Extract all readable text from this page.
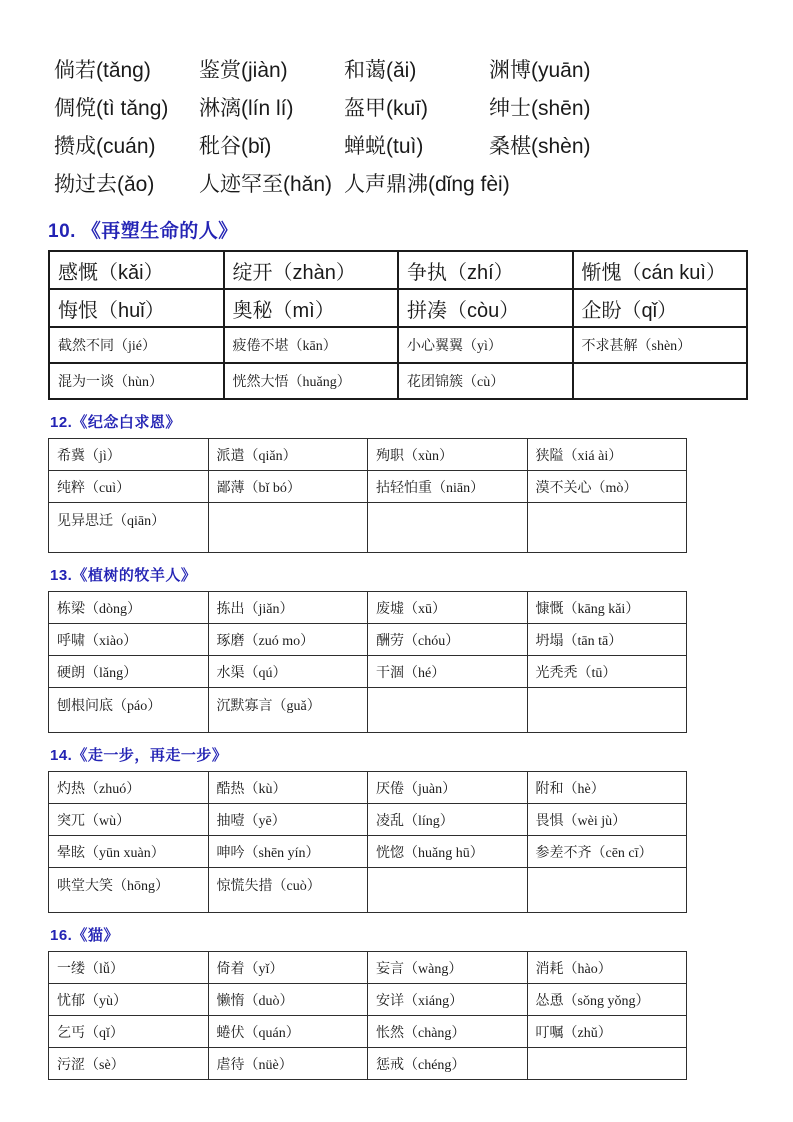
倘若(tǎng)	鉴赏(jiàn)	和蔼(ǎi)	渊博(yuān)
倜傥(tì tǎng)	淋漓(lín lí)	盔甲(kuī)	绅士(shēn)
攒成(cuán)	秕谷(bǐ)	蝉蜕(tuì)	桑椹(shèn)
拗过去(ǎo)	人迹罕至(hǎn) 人声鼎沸(dǐng fèi)
10. 《再塑生命的人》
感慨（kǎi）	绽开（zhàn）	争执（zhí）	惭愧（cán kuì）
悔恨（huǐ）	奥秘（mì）	拼凑（còu）	企盼（qǐ）
截然不同（jié）	疲倦不堪（kān）	小心翼翼（yì）	不求甚解（shèn）
混为一谈（hùn）	恍然大悟（huǎng）	花团锦簇（cù）	
12.《纪念白求恩》
希冀（jì）	派遣（qiǎn）	殉职（xùn）	狭隘（xiá ài）
纯粹（cuì）	鄙薄（bǐ bó）	拈轻怕重（niān）	漠不关心（mò）
见异思迁（qiān）			
13.《植树的牧羊人》
栋梁（dòng）	拣出（jiǎn）	废墟（xū）	慷慨（kāng kǎi）
呼啸（xiào）	琢磨（zuó mo）	酬劳（chóu）	坍塌（tān tā）
硬朗（lǎng）	水渠（qú）	干涸（hé）	光秃秃（tū）
刨根问底（páo）	沉默寡言（guǎ）		
14.《走一步，再走一步》
灼热（zhuó）	酷热（kù）	厌倦（juàn）	附和（hè）
突兀（wù）	抽噎（yē）	凌乱（líng）	畏惧（wèi jù）
晕眩（yūn xuàn）	呻吟（shēn yín）	恍惚（huǎng hū）	参差不齐（cēn cī）
哄堂大笑（hōng）	惊慌失措（cuò）		
16.《猫》
一缕（lǚ）	倚着（yǐ）	妄言（wàng）	消耗（hào）
忧郁（yù）	懒惰（duò）	安详（xiáng）	怂恿（sǒng yǒng）
乞丐（qǐ）	蜷伏（quán）	怅然（chàng）	叮嘱（zhǔ）
污涩（sè）	虐待（nüè）	惩戒（chéng）	
